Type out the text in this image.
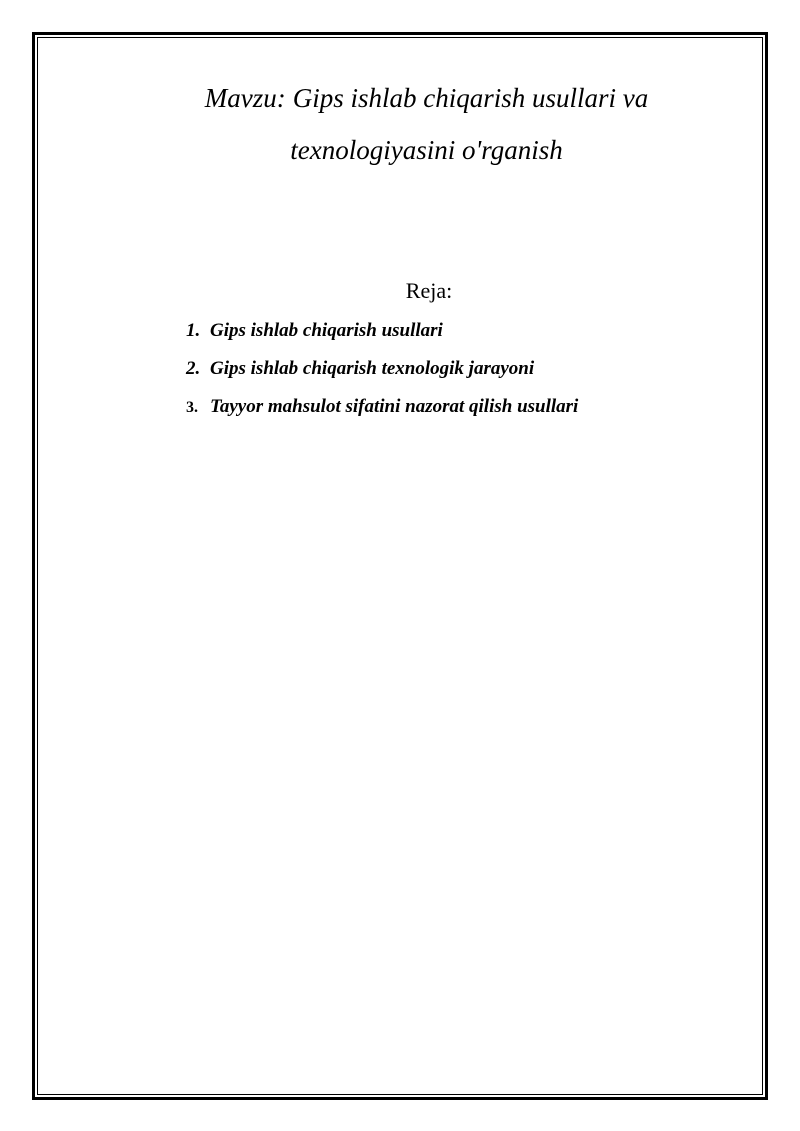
Mavzu: Gips ishlab chiqarish usullari va
texnologiyasini o'rganish
Reja:
1. Gips ishlab chiqarish usullari
2. Gips ishlab chiqarish texnologik jarayoni
3. Tayyor mahsulot sifatini nazorat qilish usullari
